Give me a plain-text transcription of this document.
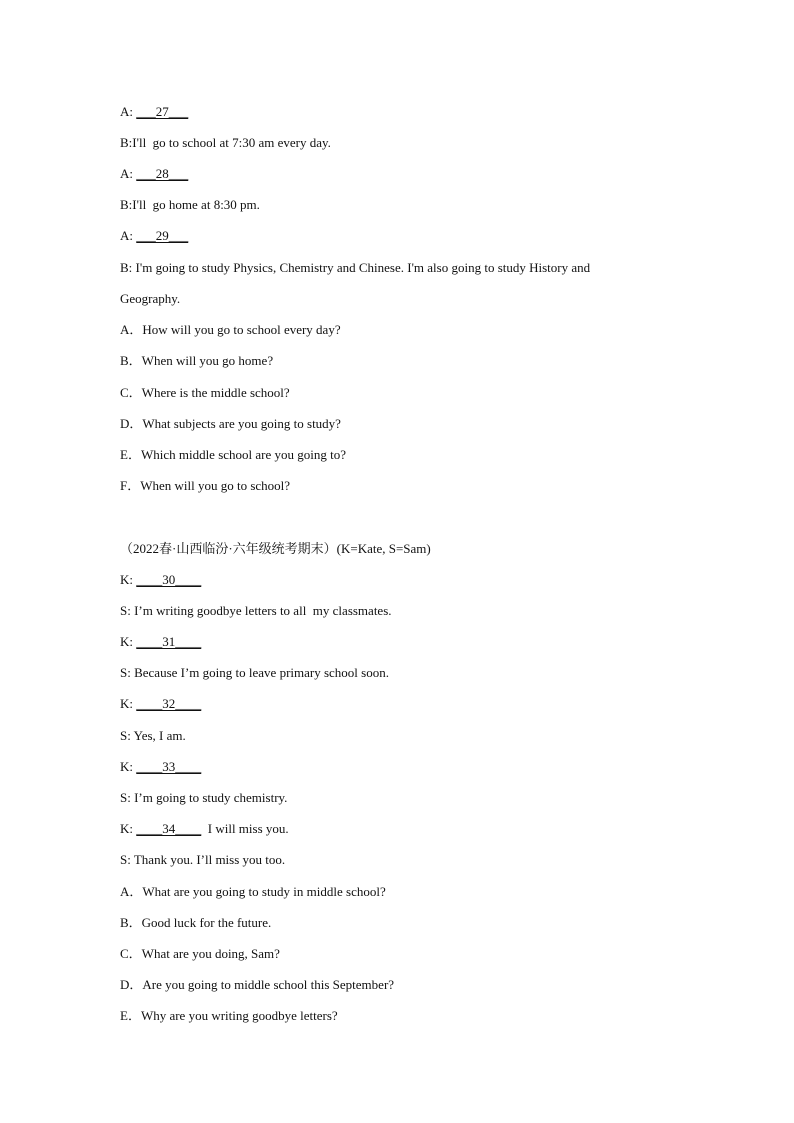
A: ___27___
B:I'll  go to school at 7:30 am every day.
A: ___28___
B:I'll  go home at 8:30 pm.
A: ___29___
B: I'm going to study Physics, Chemistry and Chinese. I'm also going to study History and Geography.
A．How will you go to school every day?
B．When will you go home?
C．Where is the middle school?
D．What subjects are you going to study?
E．Which middle school are you going to?
F．When will you go to school?
（2022春·山西临汾·六年级统考期末）(K=Kate, S=Sam)
K: ____30____
S: I’m writing goodbye letters to all  my classmates.
K: ____31____
S: Because I’m going to leave primary school soon.
K: ____32____
S: Yes, I am.
K: ____33____
S: I’m going to study chemistry.
K: ____34____  I will miss you.
S: Thank you. I’ll miss you too.
A．What are you going to study in middle school?
B．Good luck for the future.
C．What are you doing, Sam?
D．Are you going to middle school this September?
E．Why are you writing goodbye letters?
